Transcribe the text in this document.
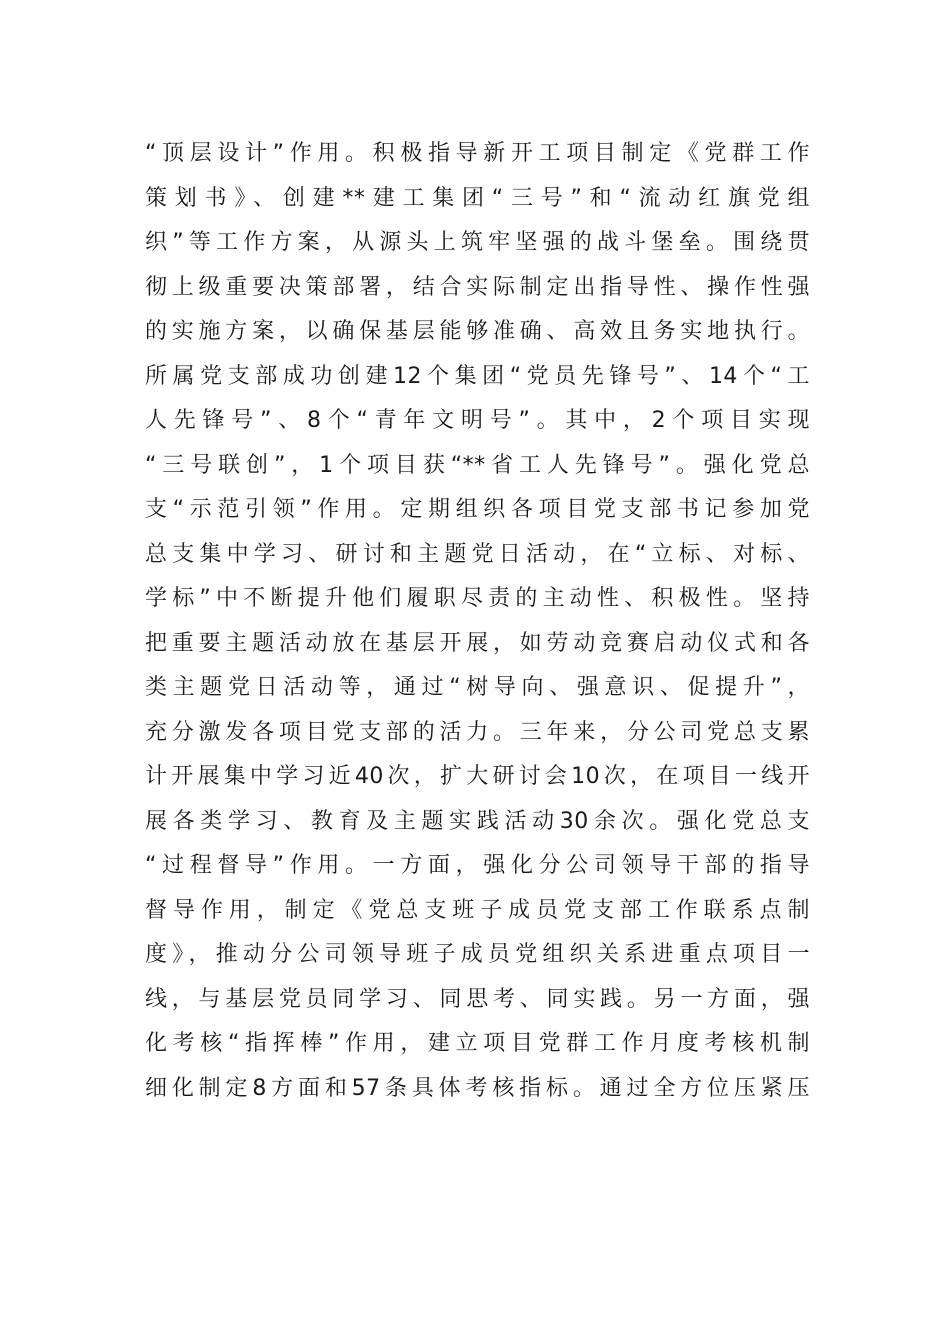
“顶层设计”作用。积极指导新开工项目制定《党群工作
策划书》、创建**建工集团“三号”和“流动红旗党组
织”等工作方案，从源头上筑牢坚强的战斗堡垒。围绕贯
彻上级重要决策部署，结合实际制定出指导性、操作性强
的实施方案，以确保基层能够准确、高效且务实地执行。
所属党支部成功创建12个集团“党员先锋号”、14个“工
人先锋号”、8个“青年文明号”。其中，2个项目实现
“三号联创”，1个项目获“**省工人先锋号”。强化党总
支“示范引领”作用。定期组织各项目党支部书记参加党
总支集中学习、研讨和主题党日活动，在“立标、对标、
学标”中不断提升他们履职尽责的主动性、积极性。坚持
把重要主题活动放在基层开展，如劳动竞赛启动仪式和各
类主题党日活动等，通过“树导向、强意识、促提升”，
充分激发各项目党支部的活力。三年来，分公司党总支累
计开展集中学习近40次，扩大研讨会10次，在项目一线开
展各类学习、教育及主题实践活动30余次。强化党总支
“过程督导”作用。一方面，强化分公司领导干部的指导
督导作用，制定《党总支班子成员党支部工作联系点制
度》，推动分公司领导班子成员党组织关系进重点项目一
线，与基层党员同学习、同思考、同实践。另一方面，强
化考核“指挥棒”作用，建立项目党群工作月度考核机制
细化制定8方面和57条具体考核指标。通过全方位压紧压
